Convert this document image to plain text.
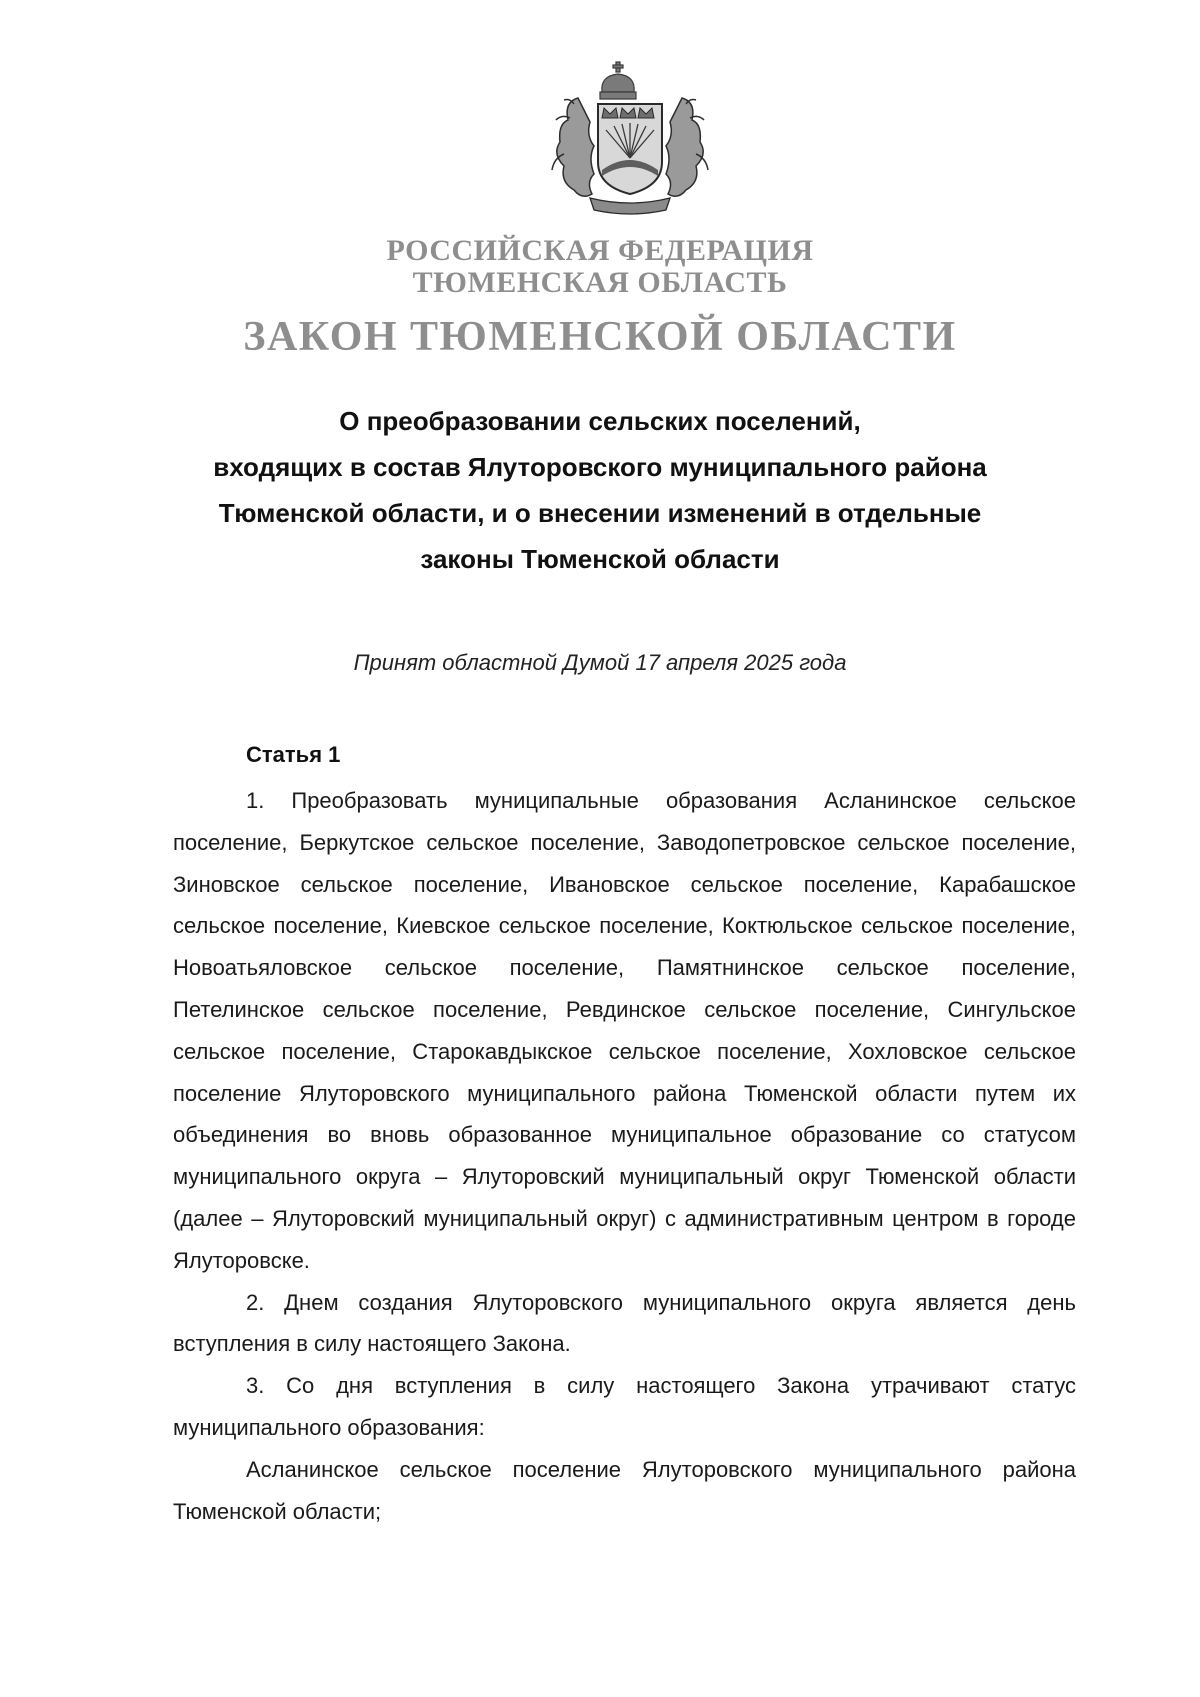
РОССИЙСКАЯ ФЕДЕРАЦИЯ
ТЮМЕНСКАЯ ОБЛАСТЬ
ЗАКОН ТЮМЕНСКОЙ ОБЛАСТИ
О преобразовании сельских поселений,
входящих в состав Ялуторовского муниципального района
Тюменской области, и о внесении изменений в отдельные
законы Тюменской области
Принят областной Думой 17 апреля 2025 года
Статья 1

1. Преобразовать муниципальные образования Асланинское сельское поселение, Беркутское сельское поселение, Заводопетровское сельское поселение, Зиновское сельское поселение, Ивановское сельское поселение, Карабашское сельское поселение, Киевское сельское поселение, Коктюльское сельское поселение, Новоатьяловское сельское поселение, Памятнинское сельское поселение, Петелинское сельское поселение, Ревдинское сельское поселение, Сингульское сельское поселение, Старокавдыкское сельское поселение, Хохловское сельское поселение Ялуторовского муниципального района Тюменской области путем их объединения во вновь образованное муниципальное образование со статусом муниципального округа – Ялуторовский муниципальный округ Тюменской области (далее – Ялуторовский муниципальный округ) с административным центром в городе Ялуторовске.

2. Днем создания Ялуторовского муниципального округа является день вступления в силу настоящего Закона.

3. Со дня вступления в силу настоящего Закона утрачивают статус муниципального образования:

Асланинское сельское поселение Ялуторовского муниципального района Тюменской области;
